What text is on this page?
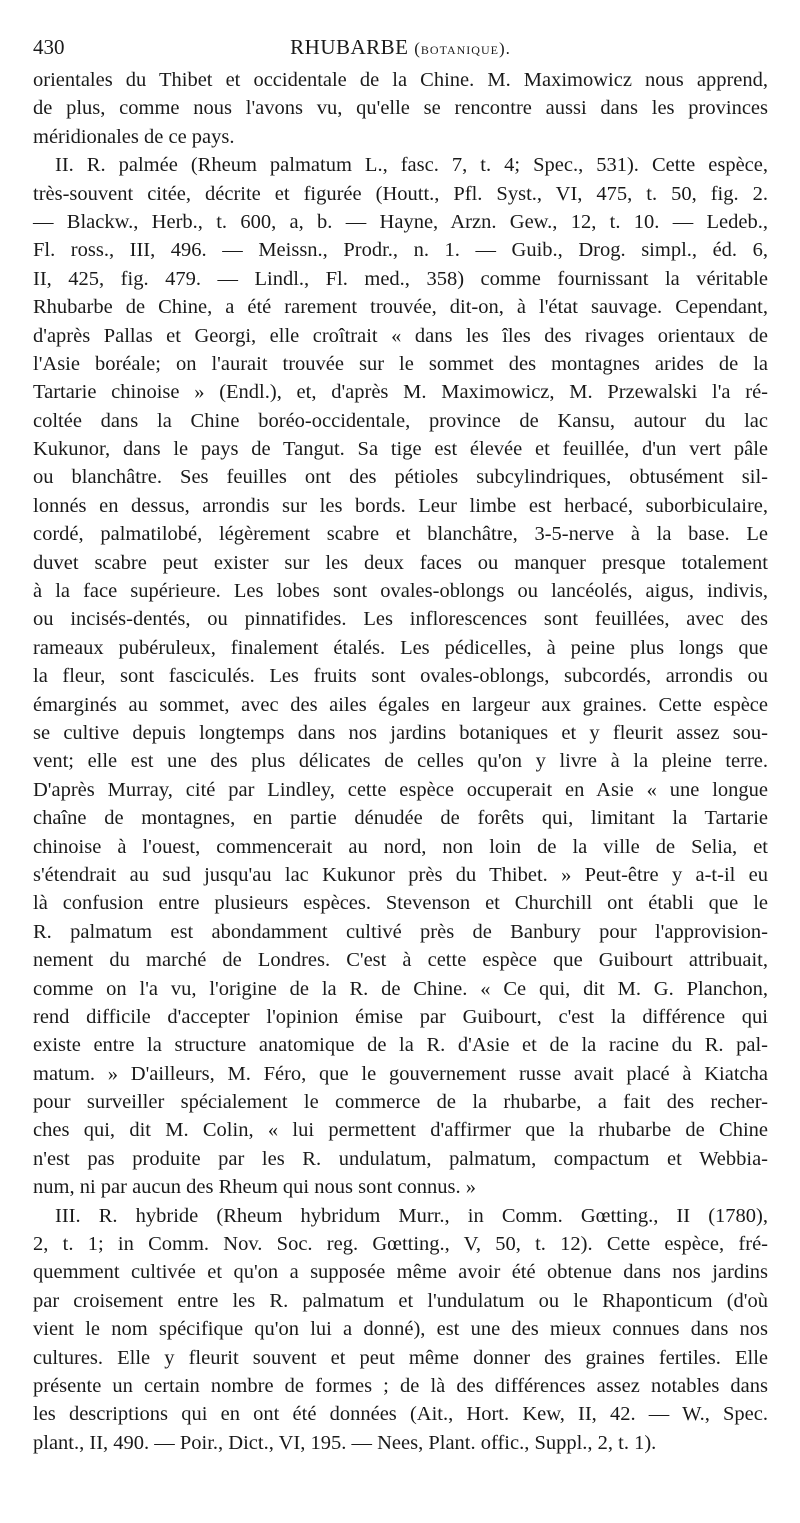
430	RHUBARBE (botanique).
orientales du Thibet et occidentale de la Chine. M. Maximowicz nous apprend,
de plus, comme nous l'avons vu, qu'elle se rencontre aussi dans les provinces
méridionales de ce pays.
II. R. palmée (Rheum palmatum L., fasc. 7, t. 4; Spec., 531). Cette espèce,
très-souvent citée, décrite et figurée (Houtt., Pfl. Syst., VI, 475, t. 50, fig. 2.
— Blackw., Herb., t. 600, a, b. — Hayne, Arzn. Gew., 12, t. 10. — Ledeb.,
Fl. ross., III, 496. — Meissn., Prodr., n. 1. — Guib., Drog. simpl., éd. 6,
II, 425, fig. 479. — Lindl., Fl. med., 358) comme fournissant la véritable
Rhubarbe de Chine, a été rarement trouvée, dit-on, à l'état sauvage. Cependant,
d'après Pallas et Georgi, elle croîtrait « dans les îles des rivages orientaux de
l'Asie boréale; on l'aurait trouvée sur le sommet des montagnes arides de la
Tartarie chinoise » (Endl.), et, d'après M. Maximowicz, M. Przewalski l'a ré-
coltée dans la Chine boréo-occidentale, province de Kansu, autour du lac
Kukunor, dans le pays de Tangut. Sa tige est élevée et feuillée, d'un vert pâle
ou blanchâtre. Ses feuilles ont des pétioles subcylindriques, obtusément sil-
lonnés en dessus, arrondis sur les bords. Leur limbe est herbacé, suborbiculaire,
cordé, palmatilobé, légèrement scabre et blanchâtre, 3-5-nerve à la base. Le
duvet scabre peut exister sur les deux faces ou manquer presque totalement
à la face supérieure. Les lobes sont ovales-oblongs ou lancéolés, aigus, indivis,
ou incisés-dentés, ou pinnatifides. Les inflorescences sont feuillées, avec des
rameaux pubéruleux, finalement étalés. Les pédicelles, à peine plus longs que
la fleur, sont fasciculés. Les fruits sont ovales-oblongs, subcordés, arrondis ou
émarginés au sommet, avec des ailes égales en largeur aux graines. Cette espèce
se cultive depuis longtemps dans nos jardins botaniques et y fleurit assez sou-
vent; elle est une des plus délicates de celles qu'on y livre à la pleine terre.
D'après Murray, cité par Lindley, cette espèce occuperait en Asie « une longue
chaîne de montagnes, en partie dénudée de forêts qui, limitant la Tartarie
chinoise à l'ouest, commencerait au nord, non loin de la ville de Selia, et
s'étendrait au sud jusqu'au lac Kukunor près du Thibet. » Peut-être y a-t-il eu
là confusion entre plusieurs espèces. Stevenson et Churchill ont établi que le
R. palmatum est abondamment cultivé près de Banbury pour l'approvision-
nement du marché de Londres. C'est à cette espèce que Guibourt attribuait,
comme on l'a vu, l'origine de la R. de Chine. « Ce qui, dit M. G. Planchon,
rend difficile d'accepter l'opinion émise par Guibourt, c'est la différence qui
existe entre la structure anatomique de la R. d'Asie et de la racine du R. pal-
matum. » D'ailleurs, M. Féro, que le gouvernement russe avait placé à Kiatcha
pour surveiller spécialement le commerce de la rhubarbe, a fait des recher-
ches qui, dit M. Colin, « lui permettent d'affirmer que la rhubarbe de Chine
n'est pas produite par les R. undulatum, palmatum, compactum et Webbia-
num, ni par aucun des Rheum qui nous sont connus. »
III. R. hybride (Rheum hybridum Murr., in Comm. Gœtting., II (1780),
2, t. 1; in Comm. Nov. Soc. reg. Gœtting., V, 50, t. 12). Cette espèce, fré-
quemment cultivée et qu'on a supposée même avoir été obtenue dans nos jardins
par croisement entre les R. palmatum et l'undulatum ou le Rhaponticum (d'où
vient le nom spécifique qu'on lui a donné), est une des mieux connues dans nos
cultures. Elle y fleurit souvent et peut même donner des graines fertiles. Elle
présente un certain nombre de formes ; de là des différences assez notables dans
les descriptions qui en ont été données (Ait., Hort. Kew, II, 42. — W., Spec.
plant., II, 490. — Poir., Dict., VI, 195. — Nees, Plant. offic., Suppl., 2, t. 1).
